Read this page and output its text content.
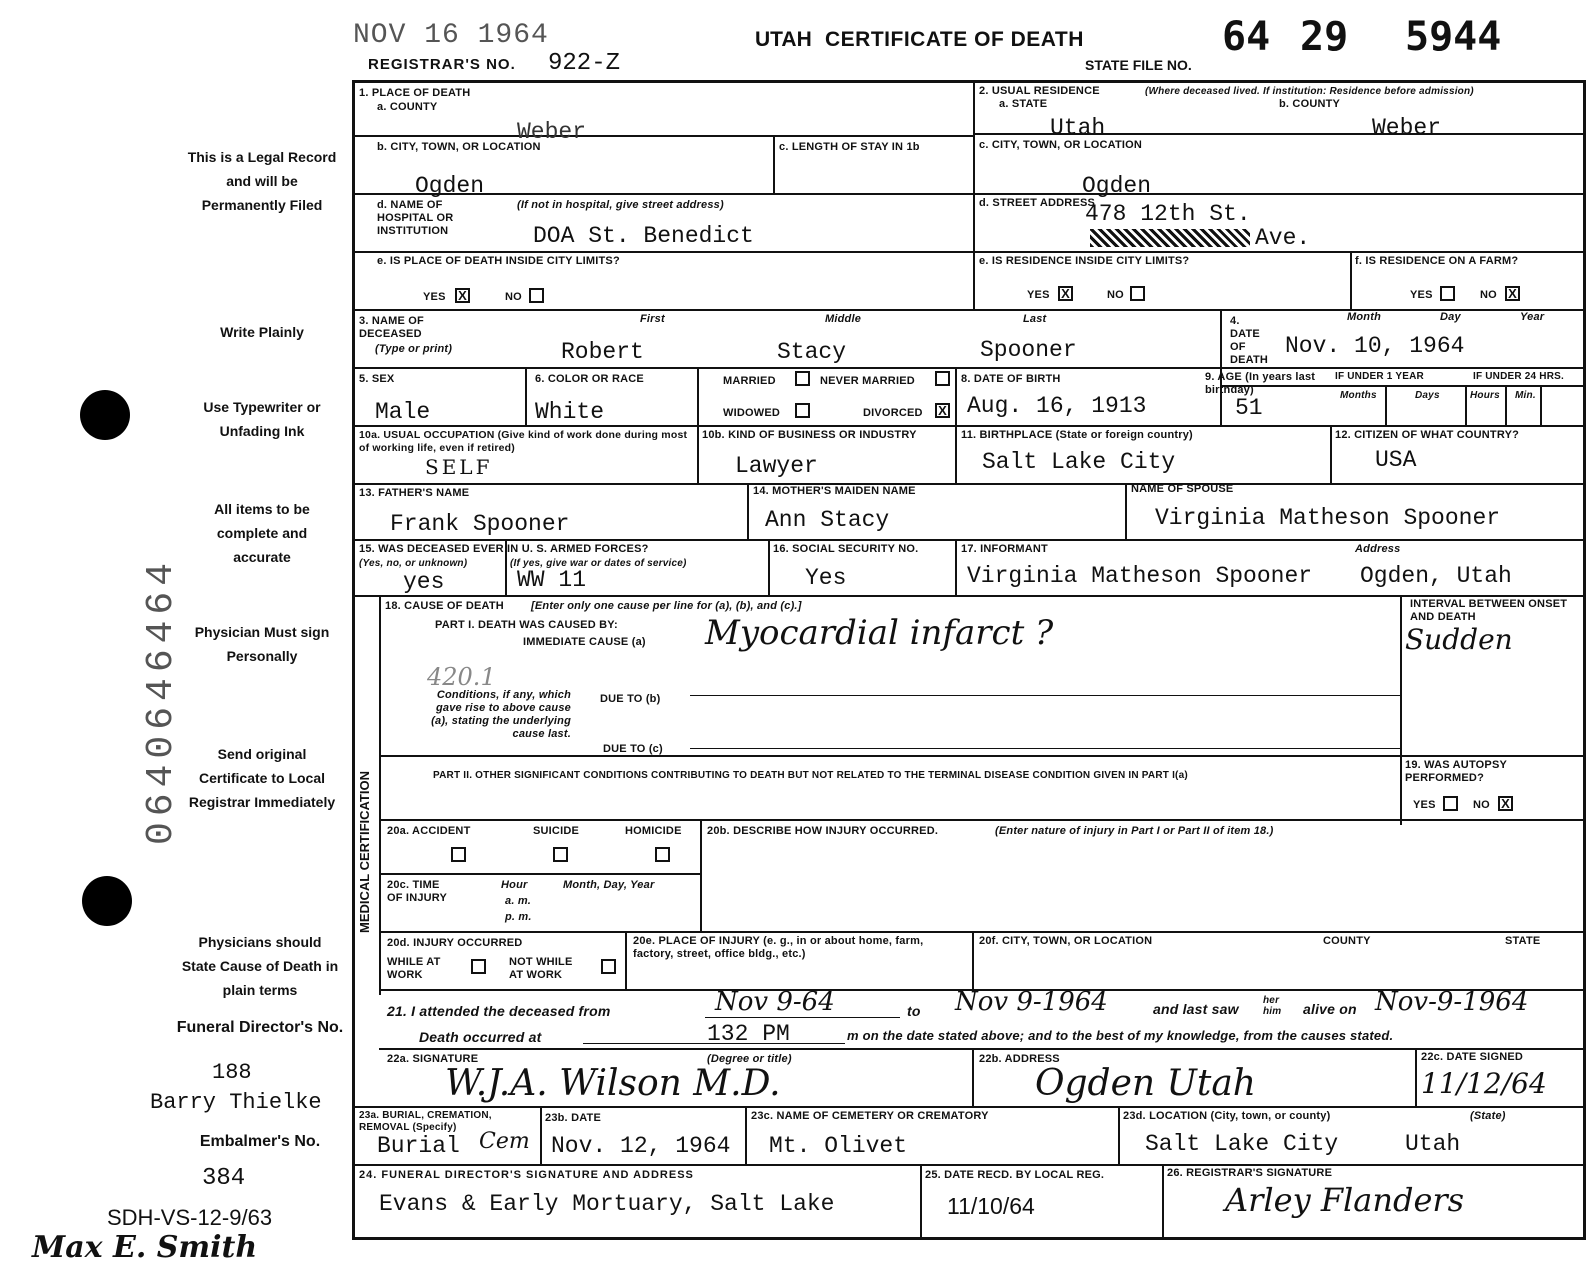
NOV 16 1964
REGISTRAR'S NO. 922-Z
UTAH CERTIFICATE OF DEATH
STATE FILE NO.
64 29 5944
This is a Legal Record and will be Permanently Filed
Write Plainly
Use Typewriter or Unfading Ink
All items to be complete and accurate
Physician Must sign Personally
Send original Certificate to Local Registrar Immediately
Physicians should State Cause of Death in plain terms
Funeral Director's No.
188
Barry Thielke
Embalmer's No.
384
SDH-VS-12-9/63
Max E. Smith
0640646464
1. PLACE OF DEATH
a. COUNTY
Weber
2. USUAL RESIDENCE	(Where deceased lived. If institution: Residence before admission)
a. STATE	b. COUNTY
Utah	Weber
b. CITY, TOWN, OR LOCATION
Ogden
c. LENGTH OF STAY IN 1b	c. CITY, TOWN, OR LOCATION
Ogden
d. NAME OF HOSPITAL OR INSTITUTION
(If not in hospital, give street address)
DOA St. Benedict
d. STREET ADDRESS
478 12th St.
Ave.
e. IS PLACE OF DEATH INSIDE CITY LIMITS?
YES X	NO
e. IS RESIDENCE INSIDE CITY LIMITS?
YES X	NO
f. IS RESIDENCE ON A FARM?
YES	NO X
3. NAME OF DECEASED
(Type or print)
First	Middle	Last
Robert	Stacy	Spooner
4. DATE OF DEATH
Month	Day	Year
Nov. 10, 1964
5. SEX
Male
6. COLOR OR RACE
White
MARRIED	NEVER MARRIED
WIDOWED	DIVORCED X
8. DATE OF BIRTH
Aug. 16, 1913
9. AGE (In years last birthday)
51
IF UNDER 1 YEAR	IF UNDER 24 HRS.
Months	Days	Hours Min.
10a. USUAL OCCUPATION (Give kind of work done during most of working life, even if retired)
SELF
10b. KIND OF BUSINESS OR INDUSTRY
Lawyer
11. BIRTHPLACE (State or foreign country)
Salt Lake City
12. CITIZEN OF WHAT COUNTRY?
USA
13. FATHER'S NAME
Frank Spooner
14. MOTHER'S MAIDEN NAME
Ann Stacy
NAME OF SPOUSE
Virginia Matheson Spooner
15. WAS DECEASED EVER IN U. S. ARMED FORCES?
(Yes, no, or unknown)	(If yes, give war or dates of service)
yes	WW 11
16. SOCIAL SECURITY NO.
Yes
17. INFORMANT	Address
Virginia Matheson Spooner Ogden, Utah
MEDICAL CERTIFICATION
18. CAUSE OF DEATH [Enter only one cause per line for (a), (b), and (c).]
PART I. DEATH WAS CAUSED BY:
IMMEDIATE CAUSE (a) Myocardial infarct ?
420.1
INTERVAL BETWEEN ONSET AND DEATH
Sudden
Conditions, if any, which gave rise to above cause (a), stating the underlying cause last.
DUE TO (b)
DUE TO (c)
PART II. OTHER SIGNIFICANT CONDITIONS CONTRIBUTING TO DEATH BUT NOT RELATED TO THE TERMINAL DISEASE CONDITION GIVEN IN PART I(a)
19. WAS AUTOPSY PERFORMED?
YES	NO X
20a. ACCIDENT	SUICIDE	HOMICIDE 20b. DESCRIBE HOW INJURY OCCURRED.	(Enter nature of injury in Part I or Part II of item 18.)
20c. TIME OF INJURY
Hour
a. m.
p. m.
Month, Day, Year
20d. INJURY OCCURRED
WHILE AT WORK
NOT WHILE AT WORK
20e. PLACE OF INJURY (e. g., in or about home, farm, factory, street, office bldg., etc.)
20f. CITY, TOWN, OR LOCATION	COUNTY	STATE
21. I attended the deceased from	Nov 9-64	to Nov 9-1964	and last saw
her him	alive on Nov-9-1964
Death occurred at	132 PM	m on the date stated above; and to the best of my knowledge, from the causes stated.
22a. SIGNATURE	(Degree or title)
W.J.A. Wilson M.D.
22b. ADDRESS
Ogden Utah
22c. DATE SIGNED
11/12/64
23a. BURIAL, CREMATION, REMOVAL (Specify)
Burial Cem
23b. DATE
Nov. 12, 1964
23c. NAME OF CEMETERY OR CREMATORY
Mt. Olivet
23d. LOCATION (City, town, or county)	(State)
Salt Lake City	Utah
24. FUNERAL DIRECTOR'S SIGNATURE AND ADDRESS
Evans & Early Mortuary, Salt Lake
25. DATE RECD. BY LOCAL REG.
11/10/64
26. REGISTRAR'S SIGNATURE
Arley Flanders
